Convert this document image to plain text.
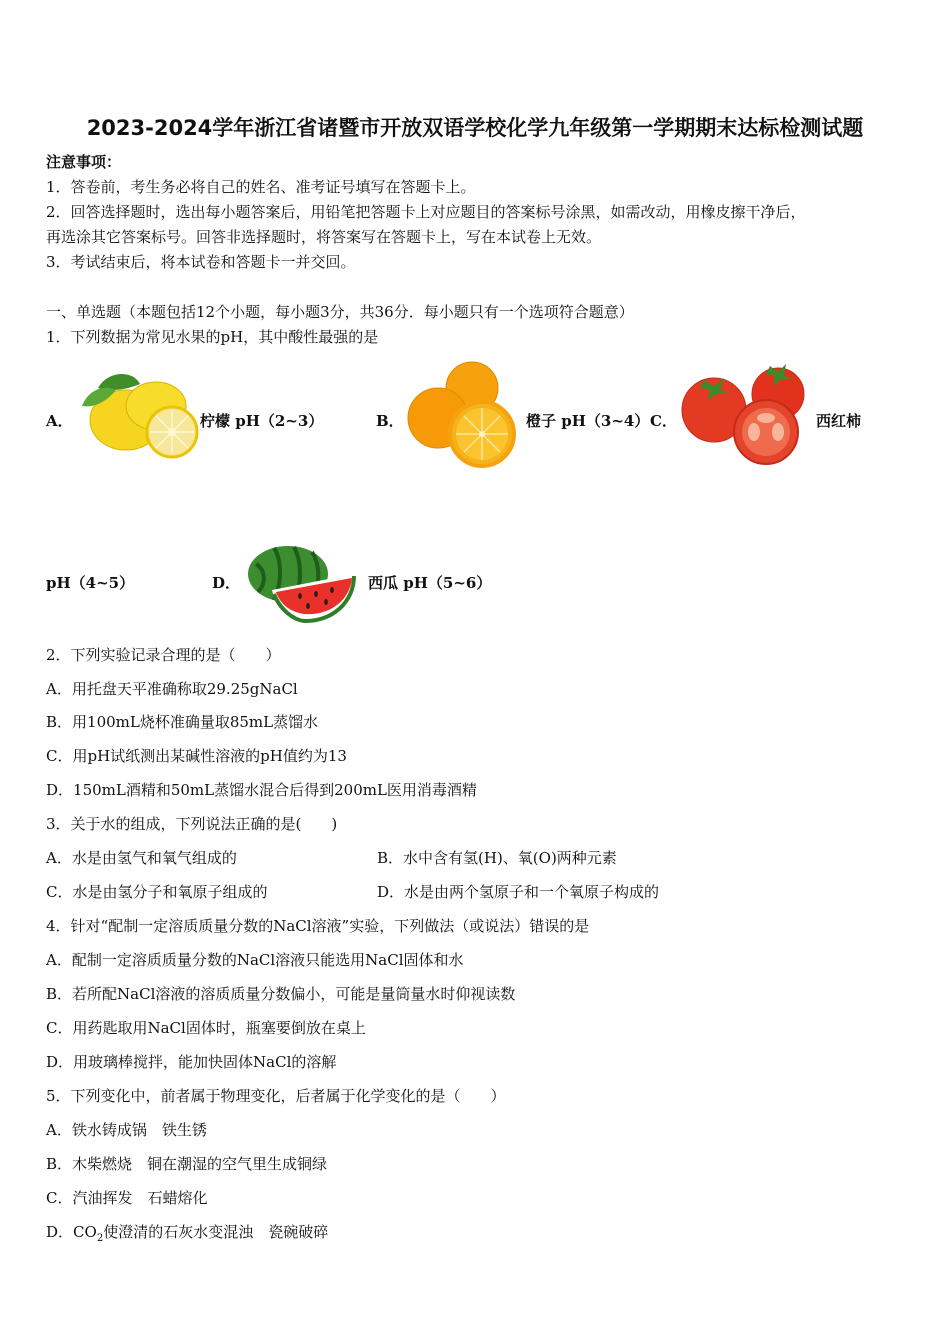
2023-2024学年浙江省诸暨市开放双语学校化学九年级第一学期期末达标检测试题
注意事项：
1．答卷前，考生务必将自己的姓名、准考证号填写在答题卡上。
2．回答选择题时，选出每小题答案后，用铅笔把答题卡上对应题目的答案标号涂黑，如需改动，用橡皮擦干净后，
再选涂其它答案标号。回答非选择题时，将答案写在答题卡上，写在本试卷上无效。
3．考试结束后，将本试卷和答题卡一并交回。
一、单选题（本题包括12个小题，每小题3分，共36分．每小题只有一个选项符合题意）
1．下列数据为常见水果的pH，其中酸性最强的是
A．	柠檬 pH（2~3）	B．	橙子 pH（3~4） C．	西红柿
pH（4~5）	D．	西瓜 pH（5~6）
2．下列实验记录合理的是（　　）
A．用托盘天平准确称取29.25gNaCl
B．用100mL烧杯准确量取85mL蒸馏水
C．用pH试纸测出某碱性溶液的pH值约为13
D．150mL酒精和50mL蒸馏水混合后得到200mL医用消毒酒精
3．关于水的组成，下列说法正确的是(　　)
A．水是由氢气和氧气组成的	B．水中含有氢(H)、氧(O)两种元素
C．水是由氢分子和氧原子组成的	D．水是由两个氢原子和一个氧原子构成的
4．针对“配制一定溶质质量分数的NaCl溶液”实验，下列做法（或说法）错误的是
A．配制一定溶质质量分数的NaCl溶液只能选用NaCl固体和水
B．若所配NaCl溶液的溶质质量分数偏小，可能是量筒量水时仰视读数
C．用药匙取用NaCl固体时，瓶塞要倒放在桌上
D．用玻璃棒搅拌，能加快固体NaCl的溶解
5．下列变化中，前者属于物理变化，后者属于化学变化的是（　　）
A．铁水铸成锅　铁生锈
B．木柴燃烧　铜在潮湿的空气里生成铜绿
C．汽油挥发　石蜡熔化
D．$CO_2$使澄清的石灰水变混浊　瓷碗破碎
